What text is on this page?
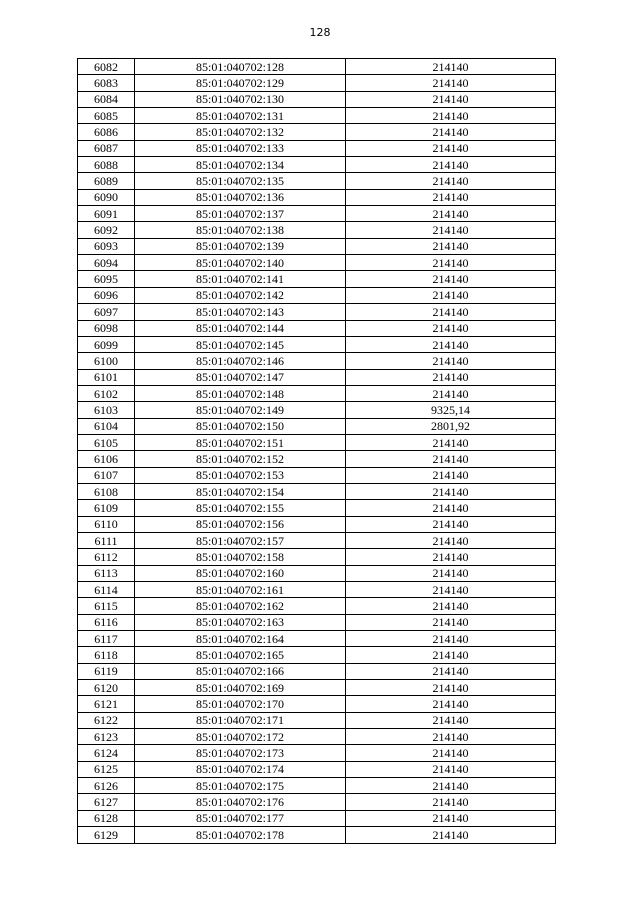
128
6082	85:01:040702:128	214140
6083	85:01:040702:129	214140
6084	85:01:040702:130	214140
6085	85:01:040702:131	214140
6086	85:01:040702:132	214140
6087	85:01:040702:133	214140
6088	85:01:040702:134	214140
6089	85:01:040702:135	214140
6090	85:01:040702:136	214140
6091	85:01:040702:137	214140
6092	85:01:040702:138	214140
6093	85:01:040702:139	214140
6094	85:01:040702:140	214140
6095	85:01:040702:141	214140
6096	85:01:040702:142	214140
6097	85:01:040702:143	214140
6098	85:01:040702:144	214140
6099	85:01:040702:145	214140
6100	85:01:040702:146	214140
6101	85:01:040702:147	214140
6102	85:01:040702:148	214140
6103	85:01:040702:149	9325,14
6104	85:01:040702:150	2801,92
6105	85:01:040702:151	214140
6106	85:01:040702:152	214140
6107	85:01:040702:153	214140
6108	85:01:040702:154	214140
6109	85:01:040702:155	214140
6110	85:01:040702:156	214140
6111	85:01:040702:157	214140
6112	85:01:040702:158	214140
6113	85:01:040702:160	214140
6114	85:01:040702:161	214140
6115	85:01:040702:162	214140
6116	85:01:040702:163	214140
6117	85:01:040702:164	214140
6118	85:01:040702:165	214140
6119	85:01:040702:166	214140
6120	85:01:040702:169	214140
6121	85:01:040702:170	214140
6122	85:01:040702:171	214140
6123	85:01:040702:172	214140
6124	85:01:040702:173	214140
6125	85:01:040702:174	214140
6126	85:01:040702:175	214140
6127	85:01:040702:176	214140
6128	85:01:040702:177	214140
6129	85:01:040702:178	214140
